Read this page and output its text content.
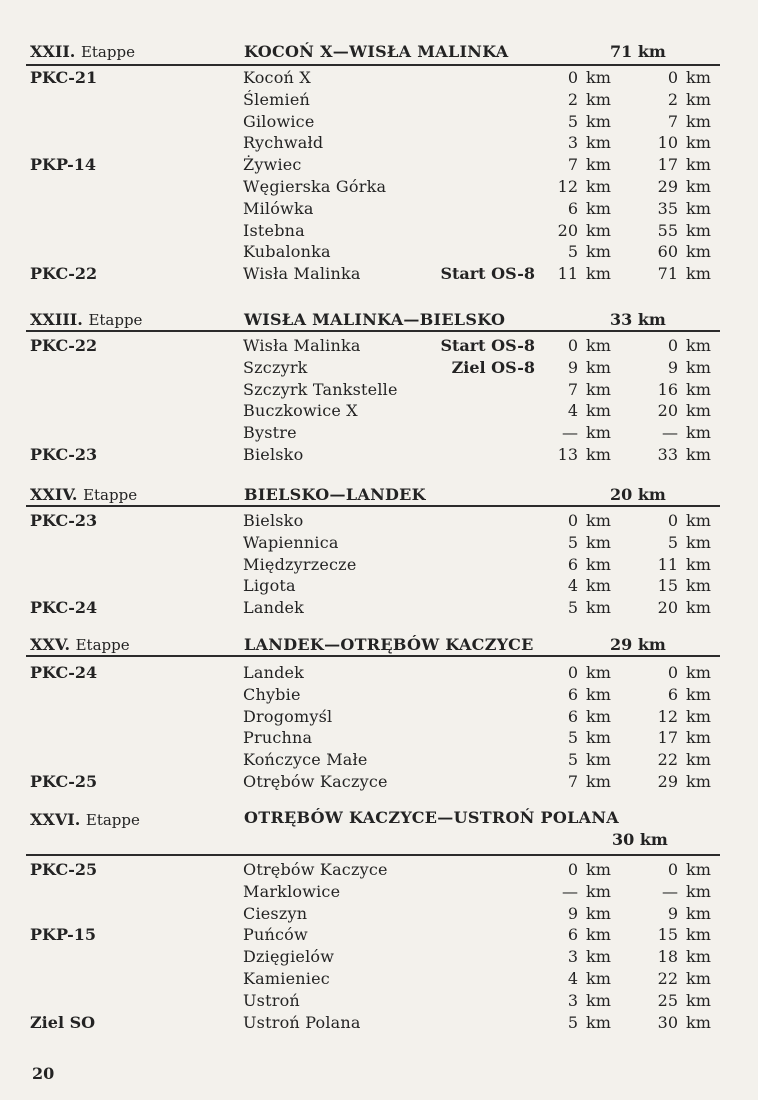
XXII. Etappe	KOCOŃ X—WISŁA MALINKA	71 km
PKC-21	Kocoń X	0 km	0 km
Ślemień	2 km	2 km
Gilowice	5 km	7 km
Rychwałd	3 km	10 km
PKP-14	Żywiec	7 km	17 km
Węgierska Górka	12 km	29 km
Milówka	6 km	35 km
Istebna	20 km	55 km
Kubalonka	5 km	60 km
PKC-22	Wisła Malinka	Start OS-8	11 km	71 km
XXIII. Etappe	WISŁA MALINKA—BIELSKO	33 km
PKC-22	Wisła Malinka	Start OS-8	0 km	0 km
Szczyrk	Ziel OS-8	9 km	9 km
Szczyrk Tankstelle	7 km	16 km
Buczkowice X	4 km	20 km
Bystre	— km	— km
PKC-23	Bielsko	13 km	33 km
XXIV. Etappe	BIELSKO—LANDEK	20 km
PKC-23	Bielsko	0 km	0 km
Wapiennica	5 km	5 km
Międzyrzecze	6 km	11 km
Ligota	4 km	15 km
PKC-24	Landek	5 km	20 km
XXV. Etappe	LANDEK—OTRĘBÓW KACZYCE	29 km
PKC-24	Landek	0 km	0 km
Chybie	6 km	6 km
Drogomyśl	6 km	12 km
Pruchna	5 km	17 km
Kończyce Małe	5 km	22 km
PKC-25	Otrębów Kaczyce	7 km	29 km
XXVI. Etappe	OTRĘBÓW KACZYCE—USTROŃ POLANA
30 km
PKC-25	Otrębów Kaczyce	0 km	0 km
Marklowice	— km	— km
Cieszyn	9 km	9 km
PKP-15	Puńców	6 km	15 km
Dzięgielów	3 km	18 km
Kamieniec	4 km	22 km
Ustroń	3 km	25 km
Ziel SO	Ustroń Polana	5 km	30 km
20
